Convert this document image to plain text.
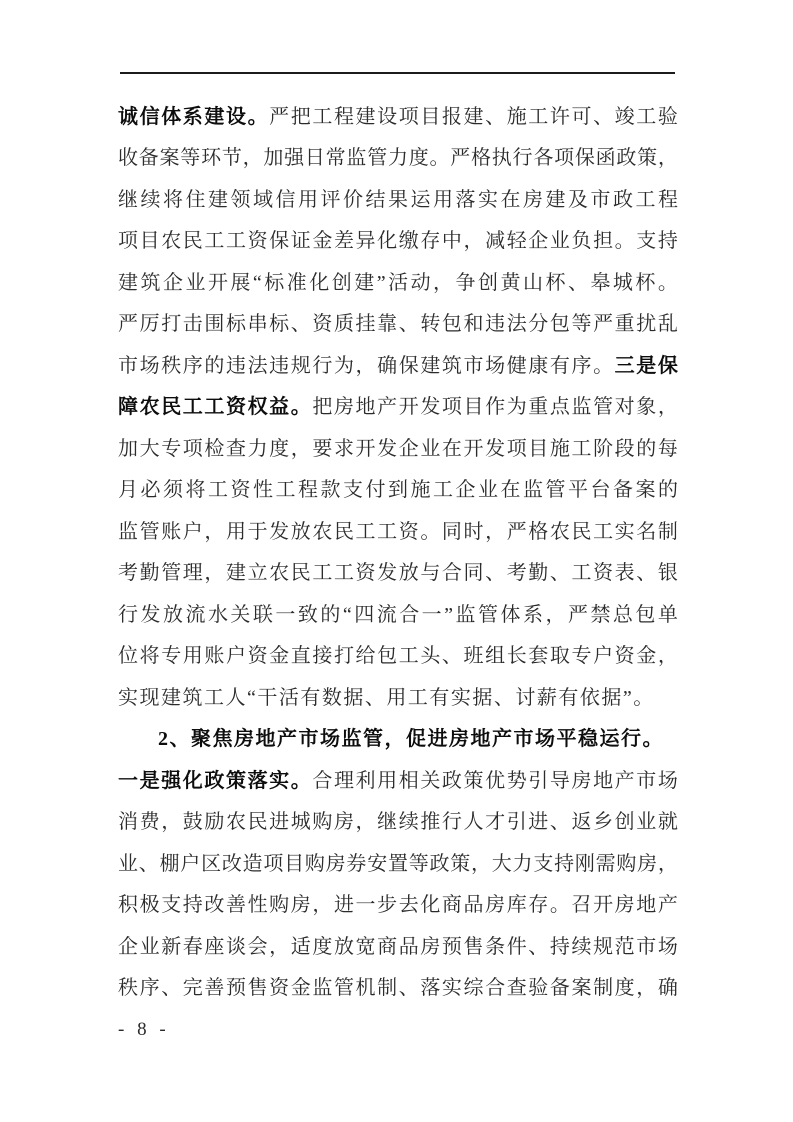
诚 信 体 系 建 设 。 严 把 工 程 建 设 项 目 报 建 、 施 工 许 可 、 竣 工 验
收 备 案 等 环 节 ， 加 强 日 常 监 管 力 度 。 严 格 执 行 各 项 保 函 政 策 ，
继 续 将 住 建 领 域 信 用 评 价 结 果 运 用 落 实 在 房 建 及 市 政 工 程
项 目 农 民 工 工 资 保 证 金 差 异 化 缴 存 中 ， 减 轻 企 业 负 担 。 支 持
建 筑 企 业 开 展 “ 标 准 化 创 建 ” 活 动 ， 争 创 黄 山 杯 、 皋 城 杯 。
严 厉 打 击 围 标 串 标 、 资 质 挂 靠 、 转 包 和 违 法 分 包 等 严 重 扰 乱
市 场 秩 序 的 违 法 违 规 行 为 ， 确 保 建 筑 市 场 健 康 有 序 。 三 是 保
障 农 民 工 工 资 权 益 。 把 房 地 产 开 发 项 目 作 为 重 点 监 管 对 象 ，
加 大 专 项 检 查 力 度 ， 要 求 开 发 企 业 在 开 发 项 目 施 工 阶 段 的 每
月 必 须 将 工 资 性 工 程 款 支 付 到 施 工 企 业 在 监 管 平 台 备 案 的
监 管 账 户 ， 用 于 发 放 农 民 工 工 资 。 同 时 ， 严 格 农 民 工 实 名 制
考 勤 管 理 ， 建 立 农 民 工 工 资 发 放 与 合 同 、 考 勤 、 工 资 表 、 银
行 发 放 流 水 关 联 一 致 的 “ 四 流 合 一 ” 监 管 体 系 ， 严 禁 总 包 单
位 将 专 用 账 户 资 金 直 接 打 给 包 工 头 、 班 组 长 套 取 专 户 资 金 ，
实 现 建 筑 工 人 “ 干 活 有 数 据 、 用 工 有 实 据 、 讨 薪 有 依 据 ” 。
2 、 聚 焦 房 地 产 市 场 监 管 ， 促 进 房 地 产 市 场 平 稳 运 行 。
一 是 强 化 政 策 落 实 。 合 理 利 用 相 关 政 策 优 势 引 导 房 地 产 市 场
消 费 ， 鼓 励 农 民 进 城 购 房 ， 继 续 推 行 人 才 引 进 、 返 乡 创 业 就
业 、 棚 户 区 改 造 项 目 购 房 券 安 置 等 政 策 ， 大 力 支 持 刚 需 购 房 ，
积 极 支 持 改 善 性 购 房 ， 进 一 步 去 化 商 品 房 库 存 。 召 开 房 地 产
企 业 新 春 座 谈 会 ， 适 度 放 宽 商 品 房 预 售 条 件 、 持 续 规 范 市 场
秩 序 、 完 善 预 售 资 金 监 管 机 制 、 落 实 综 合 查 验 备 案 制 度 ， 确
- 8 -
